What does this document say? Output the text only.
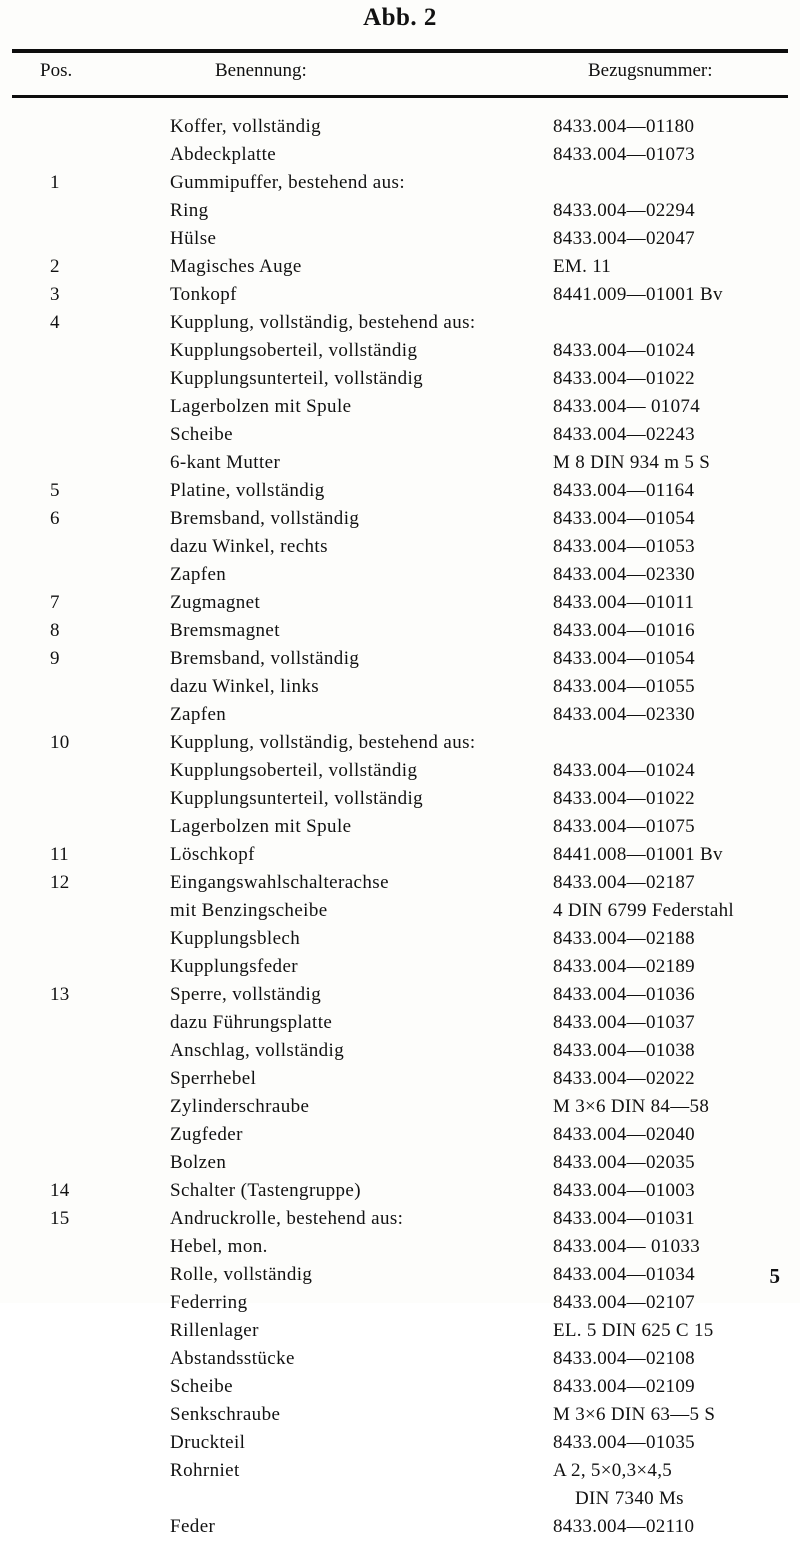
Abb. 2
Pos.	Benennung:	Bezugsnummer:
Koffer, vollständig	8433.004—01180
Abdeckplatte	8433.004—01073
1	Gummipuffer, bestehend aus:
Ring	8433.004—02294
Hülse	8433.004—02047
2	Magisches Auge	EM. 11
3	Tonkopf	8441.009—01001 Bv
4	Kupplung, vollständig, bestehend aus:
Kupplungsoberteil, vollständig	8433.004—01024
Kupplungsunterteil, vollständig	8433.004—01022
Lagerbolzen mit Spule	8433.004— 01074
Scheibe	8433.004—02243
6-kant Mutter	M 8 DIN 934 m 5 S
5	Platine, vollständig	8433.004—01164
6	Bremsband, vollständig	8433.004—01054
dazu Winkel, rechts	8433.004—01053
Zapfen	8433.004—02330
7	Zugmagnet	8433.004—01011
8	Bremsmagnet	8433.004—01016
9	Bremsband, vollständig	8433.004—01054
dazu Winkel, links	8433.004—01055
Zapfen	8433.004—02330
10	Kupplung, vollständig, bestehend aus:
Kupplungsoberteil, vollständig	8433.004—01024
Kupplungsunterteil, vollständig	8433.004—01022
Lagerbolzen mit Spule	8433.004—01075
11	Löschkopf	8441.008—01001 Bv
12	Eingangswahlschalterachse	8433.004—02187
mit Benzingscheibe	4 DIN 6799 Federstahl
Kupplungsblech	8433.004—02188
Kupplungsfeder	8433.004—02189
13	Sperre, vollständig	8433.004—01036
dazu Führungsplatte	8433.004—01037
Anschlag, vollständig	8433.004—01038
Sperrhebel	8433.004—02022
Zylinderschraube	M 3×6 DIN 84—58
Zugfeder	8433.004—02040
Bolzen	8433.004—02035
14	Schalter (Tastengruppe)	8433.004—01003
15	Andruckrolle, bestehend aus:	8433.004—01031
Hebel, mon.	8433.004— 01033
Rolle, vollständig	8433.004—01034
Federring	8433.004—02107
Rillenlager	EL. 5 DIN 625 C 15
Abstandsstücke	8433.004—02108
Scheibe	8433.004—02109
Senkschraube	M 3×6 DIN 63—5 S
Druckteil	8433.004—01035
Rohrniet	A 2, 5×0,3×4,5
DIN 7340 Ms
Feder	8433.004—02110
5
